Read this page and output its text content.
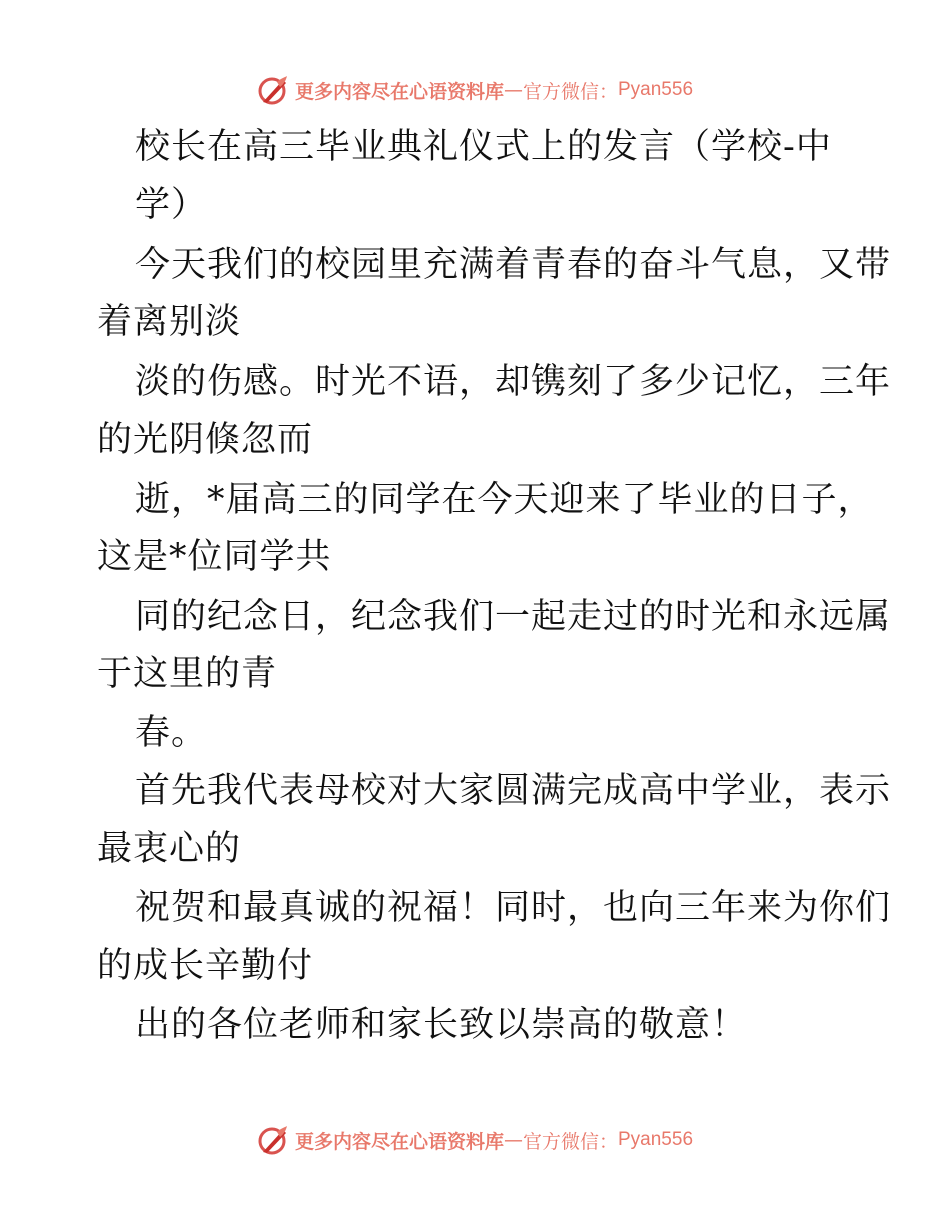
更多内容尽在心语资料库 — 官方微信： Pyan556
校长在高三毕业典礼仪式上的发言（学校-中
学）
今天我们的校园里充满着青春的奋斗气息，又带
着离别淡
淡的伤感。时光不语，却镌刻了多少记忆，三年
的光阴倏忽而
逝，*届高三的同学在今天迎来了毕业的日子，
这是*位同学共
同的纪念日，纪念我们一起走过的时光和永远属
于这里的青
春。
首先我代表母校对大家圆满完成高中学业，表示
最衷心的
祝贺和最真诚的祝福！同时，也向三年来为你们
的成长辛勤付
出的各位老师和家长致以崇高的敬意！
更多内容尽在心语资料库 — 官方微信： Pyan556
